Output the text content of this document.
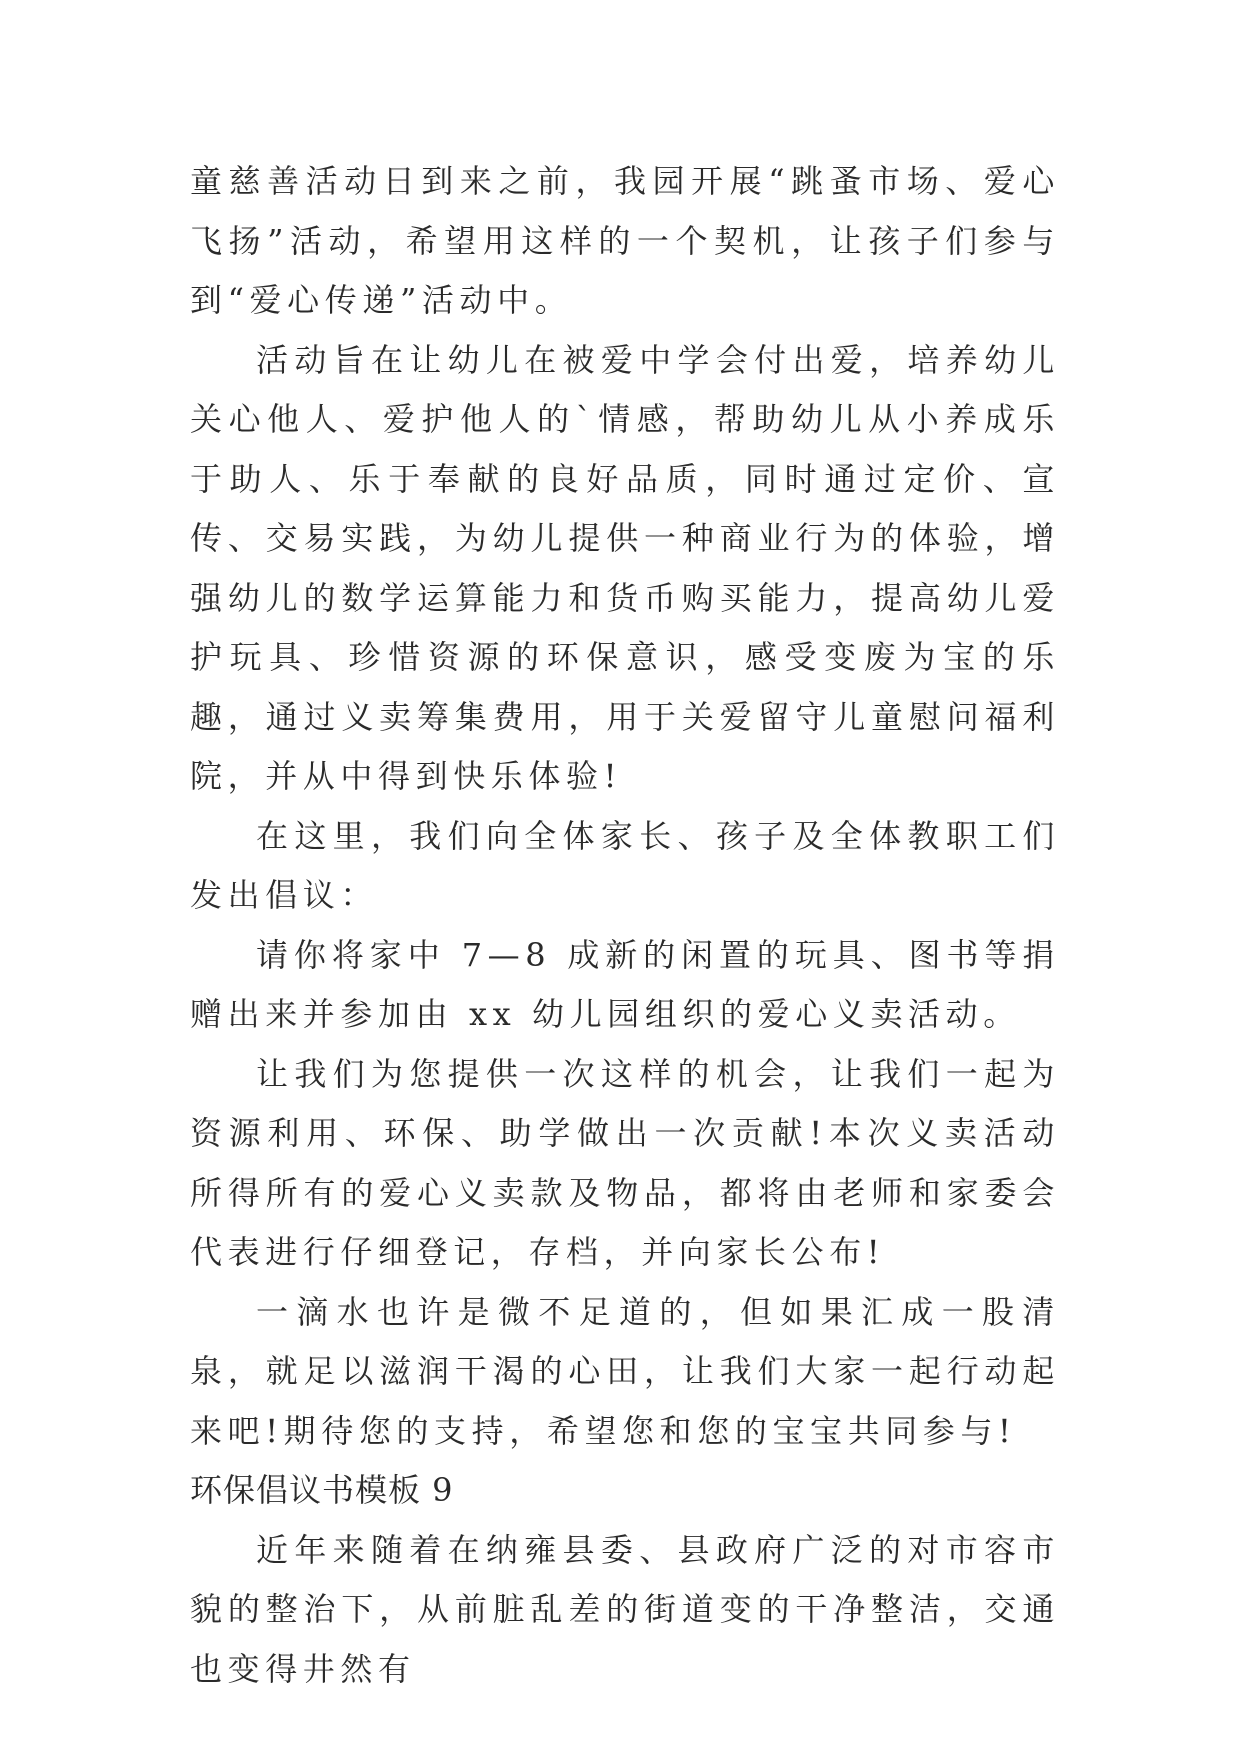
童慈善活动日到来之前，我园开展“跳蚤市场、爱心飞扬”活动，希望用这样的一个契机，让孩子们参与到“爱心传递”活动中。

活动旨在让幼儿在被爱中学会付出爱，培养幼儿关心他人、爱护他人的`情感，帮助幼儿从小养成乐于助人、乐于奉献的良好品质，同时通过定价、宣传、交易实践，为幼儿提供一种商业行为的体验，增强幼儿的数学运算能力和货币购买能力，提高幼儿爱护玩具、珍惜资源的环保意识，感受变废为宝的乐趣，通过义卖筹集费用，用于关爱留守儿童慰问福利院，并从中得到快乐体验!

在这里，我们向全体家长、孩子及全体教职工们发出倡议：

请你将家中 7—8 成新的闲置的玩具、图书等捐赠出来并参加由 xx 幼儿园组织的爱心义卖活动。

让我们为您提供一次这样的机会，让我们一起为资源利用、环保、助学做出一次贡献!本次义卖活动所得所有的爱心义卖款及物品，都将由老师和家委会代表进行仔细登记，存档，并向家长公布!

一滴水也许是微不足道的，但如果汇成一股清泉，就足以滋润干渴的心田，让我们大家一起行动起来吧!期待您的支持，希望您和您的宝宝共同参与!

环保倡议书模板 9

近年来随着在纳雍县委、县政府广泛的对市容市貌的整治下，从前脏乱差的街道变的干净整洁，交通也变得井然有
